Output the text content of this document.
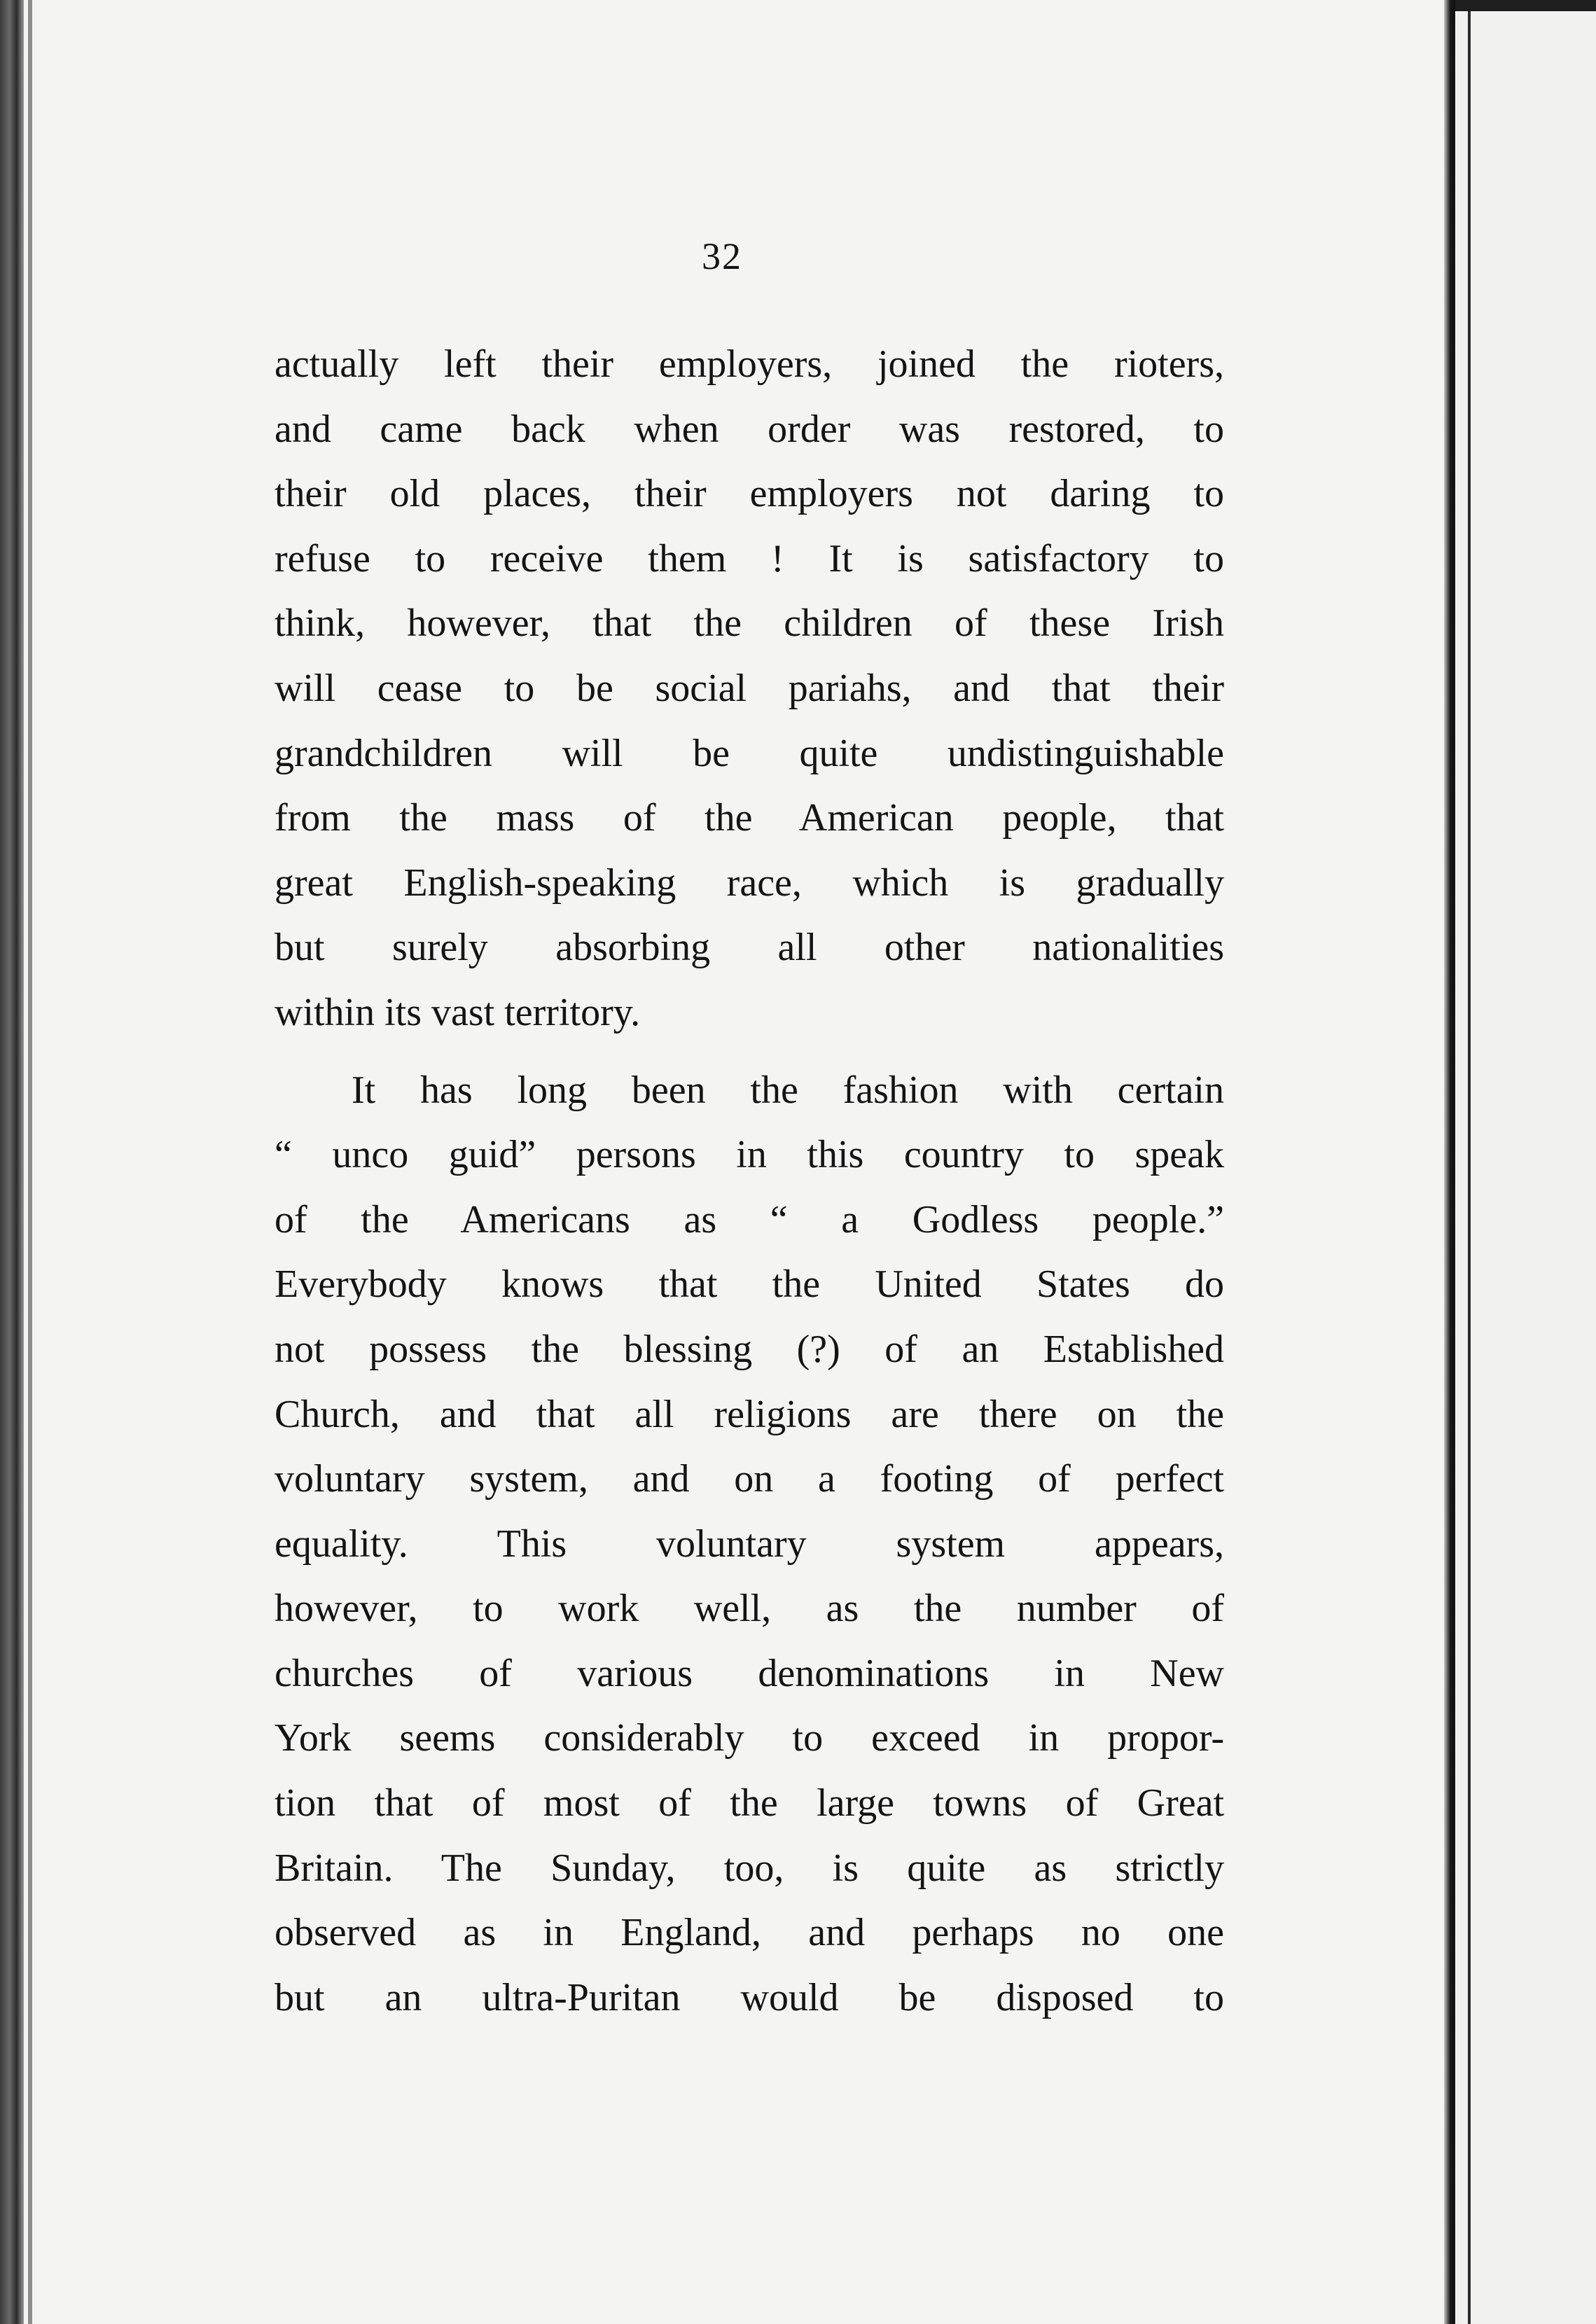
32
actually left their employers, joined the rioters,
and came back when order was restored, to
their old places, their employers not daring to
refuse to receive them ! It is satisfactory to
think, however, that the children of these Irish
will cease to be social pariahs, and that their
grandchildren will be quite undistinguishable
from the mass of the American people, that
great English-speaking race, which is gradually
but surely absorbing all other nationalities
within its vast territory.
It has long been the fashion with certain
“ unco guid” persons in this country to speak
of the Americans as “ a Godless people.”
Everybody knows that the United States do
not possess the blessing (?) of an Established
Church, and that all religions are there on the
voluntary system, and on a footing of perfect
equality. This voluntary system appears,
however, to work well, as the number of
churches of various denominations in New
York seems considerably to exceed in propor-
tion that of most of the large towns of Great
Britain. The Sunday, too, is quite as strictly
observed as in England, and perhaps no one
but an ultra-Puritan would be disposed to
